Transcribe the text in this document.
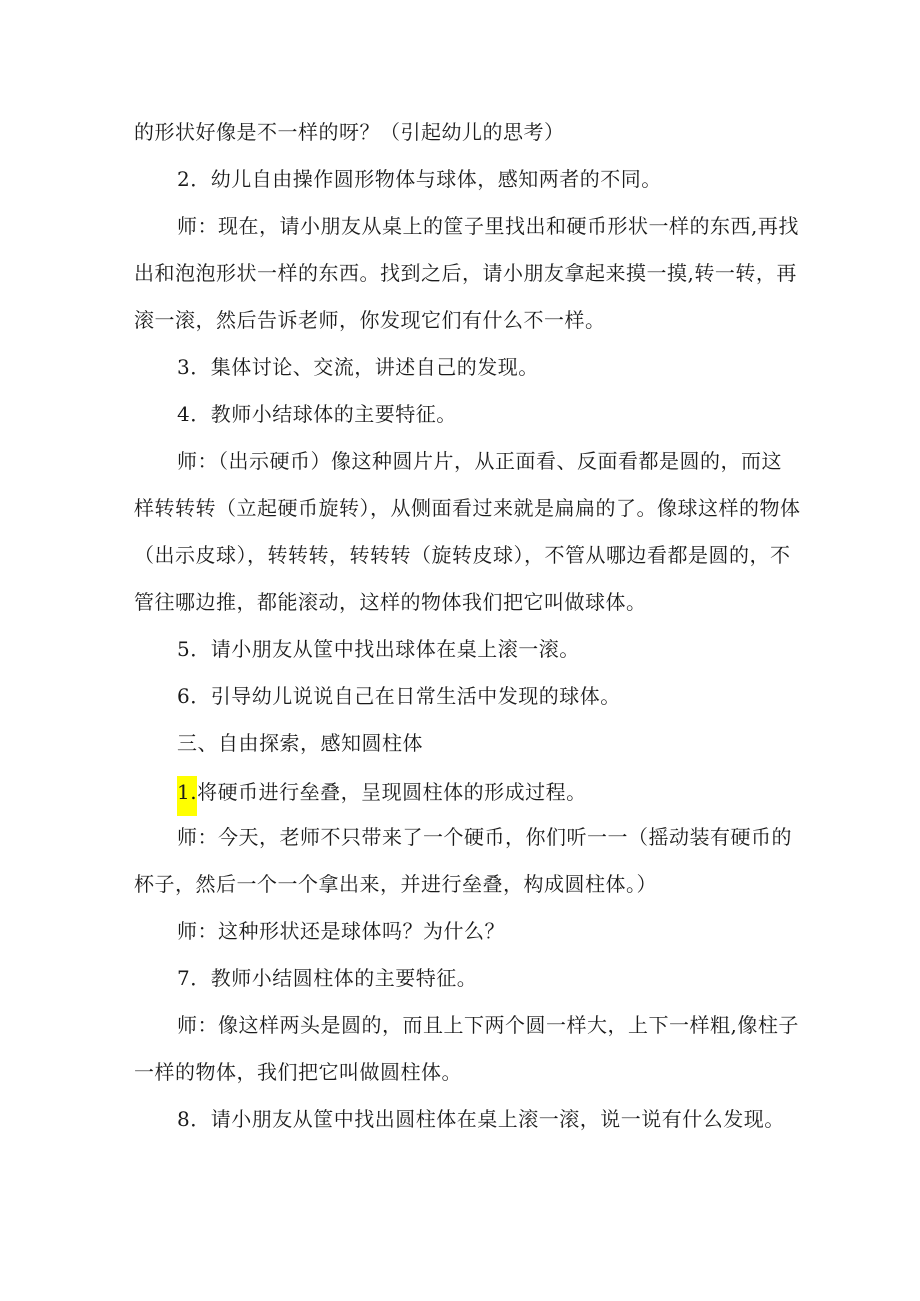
的形状好像是不一样的呀？（引起幼儿的思考）
2．幼儿自由操作圆形物体与球体，感知两者的不同。
师：现在，请小朋友从桌上的筐子里找出和硬币形状一样的东西,再找
出和泡泡形状一样的东西。找到之后，请小朋友拿起来摸一摸,转一转，再
滚一滚，然后告诉老师，你发现它们有什么不一样。
3．集体讨论、交流，讲述自己的发现。
4．教师小结球体的主要特征。
师：（出示硬币）像这种圆片片，从正面看、反面看都是圆的，而这
样转转转（立起硬币旋转），从侧面看过来就是扁扁的了。像球这样的物体
（出示皮球），转转转，转转转（旋转皮球），不管从哪边看都是圆的，不
管往哪边推，都能滚动，这样的物体我们把它叫做球体。
5．请小朋友从筐中找出球体在桌上滚一滚。
6．引导幼儿说说自己在日常生活中发现的球体。
三、自由探索，感知圆柱体
1.将硬币进行垒叠，呈现圆柱体的形成过程。
师：今天，老师不只带来了一个硬币，你们听一一（摇动装有硬币的
杯子，然后一个一个拿出来，并进行垒叠，构成圆柱体。）
师：这种形状还是球体吗？为什么？
7．教师小结圆柱体的主要特征。
师：像这样两头是圆的，而且上下两个圆一样大，上下一样粗,像柱子
一样的物体，我们把它叫做圆柱体。
8．请小朋友从筐中找出圆柱体在桌上滚一滚，说一说有什么发现。
